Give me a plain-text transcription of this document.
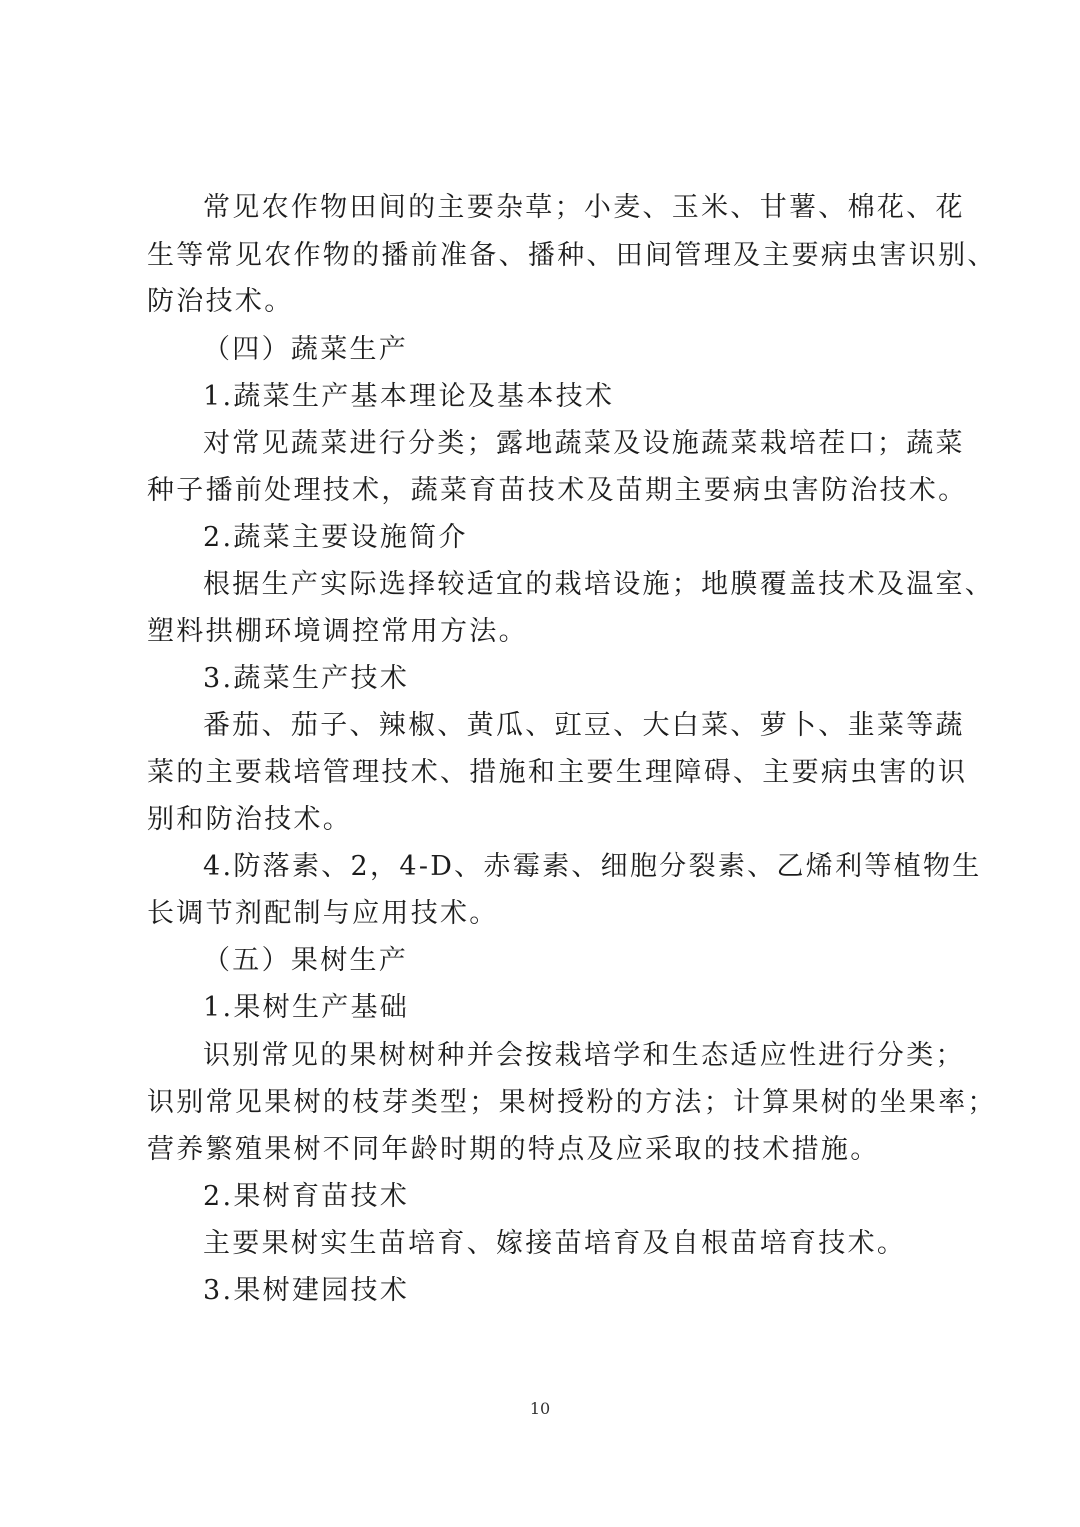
常见农作物田间的主要杂草；小麦、玉米、甘薯、棉花、花

生等常见农作物的播前准备、播种、田间管理及主要病虫害识别、

防治技术。

（四）蔬菜生产

1.蔬菜生产基本理论及基本技术

对常见蔬菜进行分类；露地蔬菜及设施蔬菜栽培茬口；蔬菜

种子播前处理技术，蔬菜育苗技术及苗期主要病虫害防治技术。

2.蔬菜主要设施简介

根据生产实际选择较适宜的栽培设施；地膜覆盖技术及温室、

塑料拱棚环境调控常用方法。

3.蔬菜生产技术

番茄、茄子、辣椒、黄瓜、豇豆、大白菜、萝卜、韭菜等蔬

菜的主要栽培管理技术、措施和主要生理障碍、主要病虫害的识

别和防治技术。

4.防落素、2，4-D、赤霉素、细胞分裂素、乙烯利等植物生

长调节剂配制与应用技术。

（五）果树生产

1.果树生产基础

识别常见的果树树种并会按栽培学和生态适应性进行分类；

识别常见果树的枝芽类型；果树授粉的方法；计算果树的坐果率；

营养繁殖果树不同年龄时期的特点及应采取的技术措施。

2.果树育苗技术

主要果树实生苗培育、嫁接苗培育及自根苗培育技术。

3.果树建园技术

10
